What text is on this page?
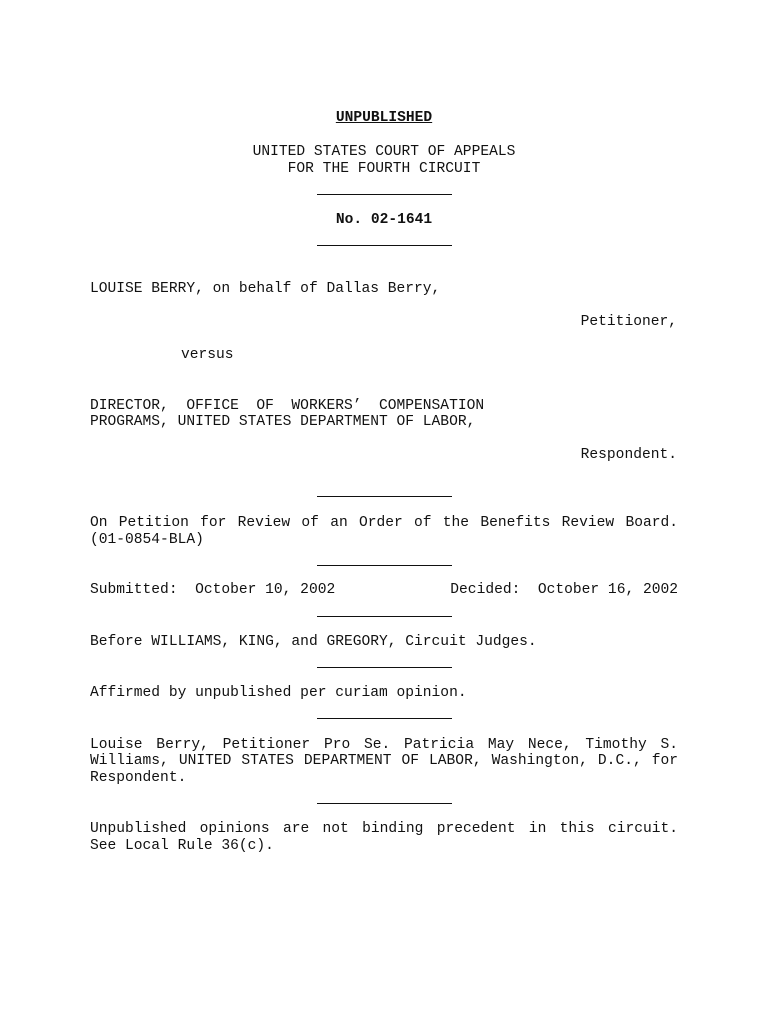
UNPUBLISHED
UNITED STATES COURT OF APPEALS
FOR THE FOURTH CIRCUIT
No. 02-1641
LOUISE BERRY, on behalf of Dallas Berry,
Petitioner,
versus
DIRECTOR,  OFFICE  OF  WORKERS’  COMPENSATION
PROGRAMS, UNITED STATES DEPARTMENT OF LABOR,
Respondent.
On Petition for Review of an Order of the Benefits Review Board.
(01-0854-BLA)
Submitted:  October 10, 2002	Decided:  October 16, 2002
Before WILLIAMS, KING, and GREGORY, Circuit Judges.
Affirmed by unpublished per curiam opinion.
Louise Berry, Petitioner Pro Se. Patricia May Nece, Timothy S.
Williams, UNITED STATES DEPARTMENT OF LABOR, Washington, D.C., for
Respondent.
Unpublished opinions are not binding precedent in this circuit.
See Local Rule 36(c).
